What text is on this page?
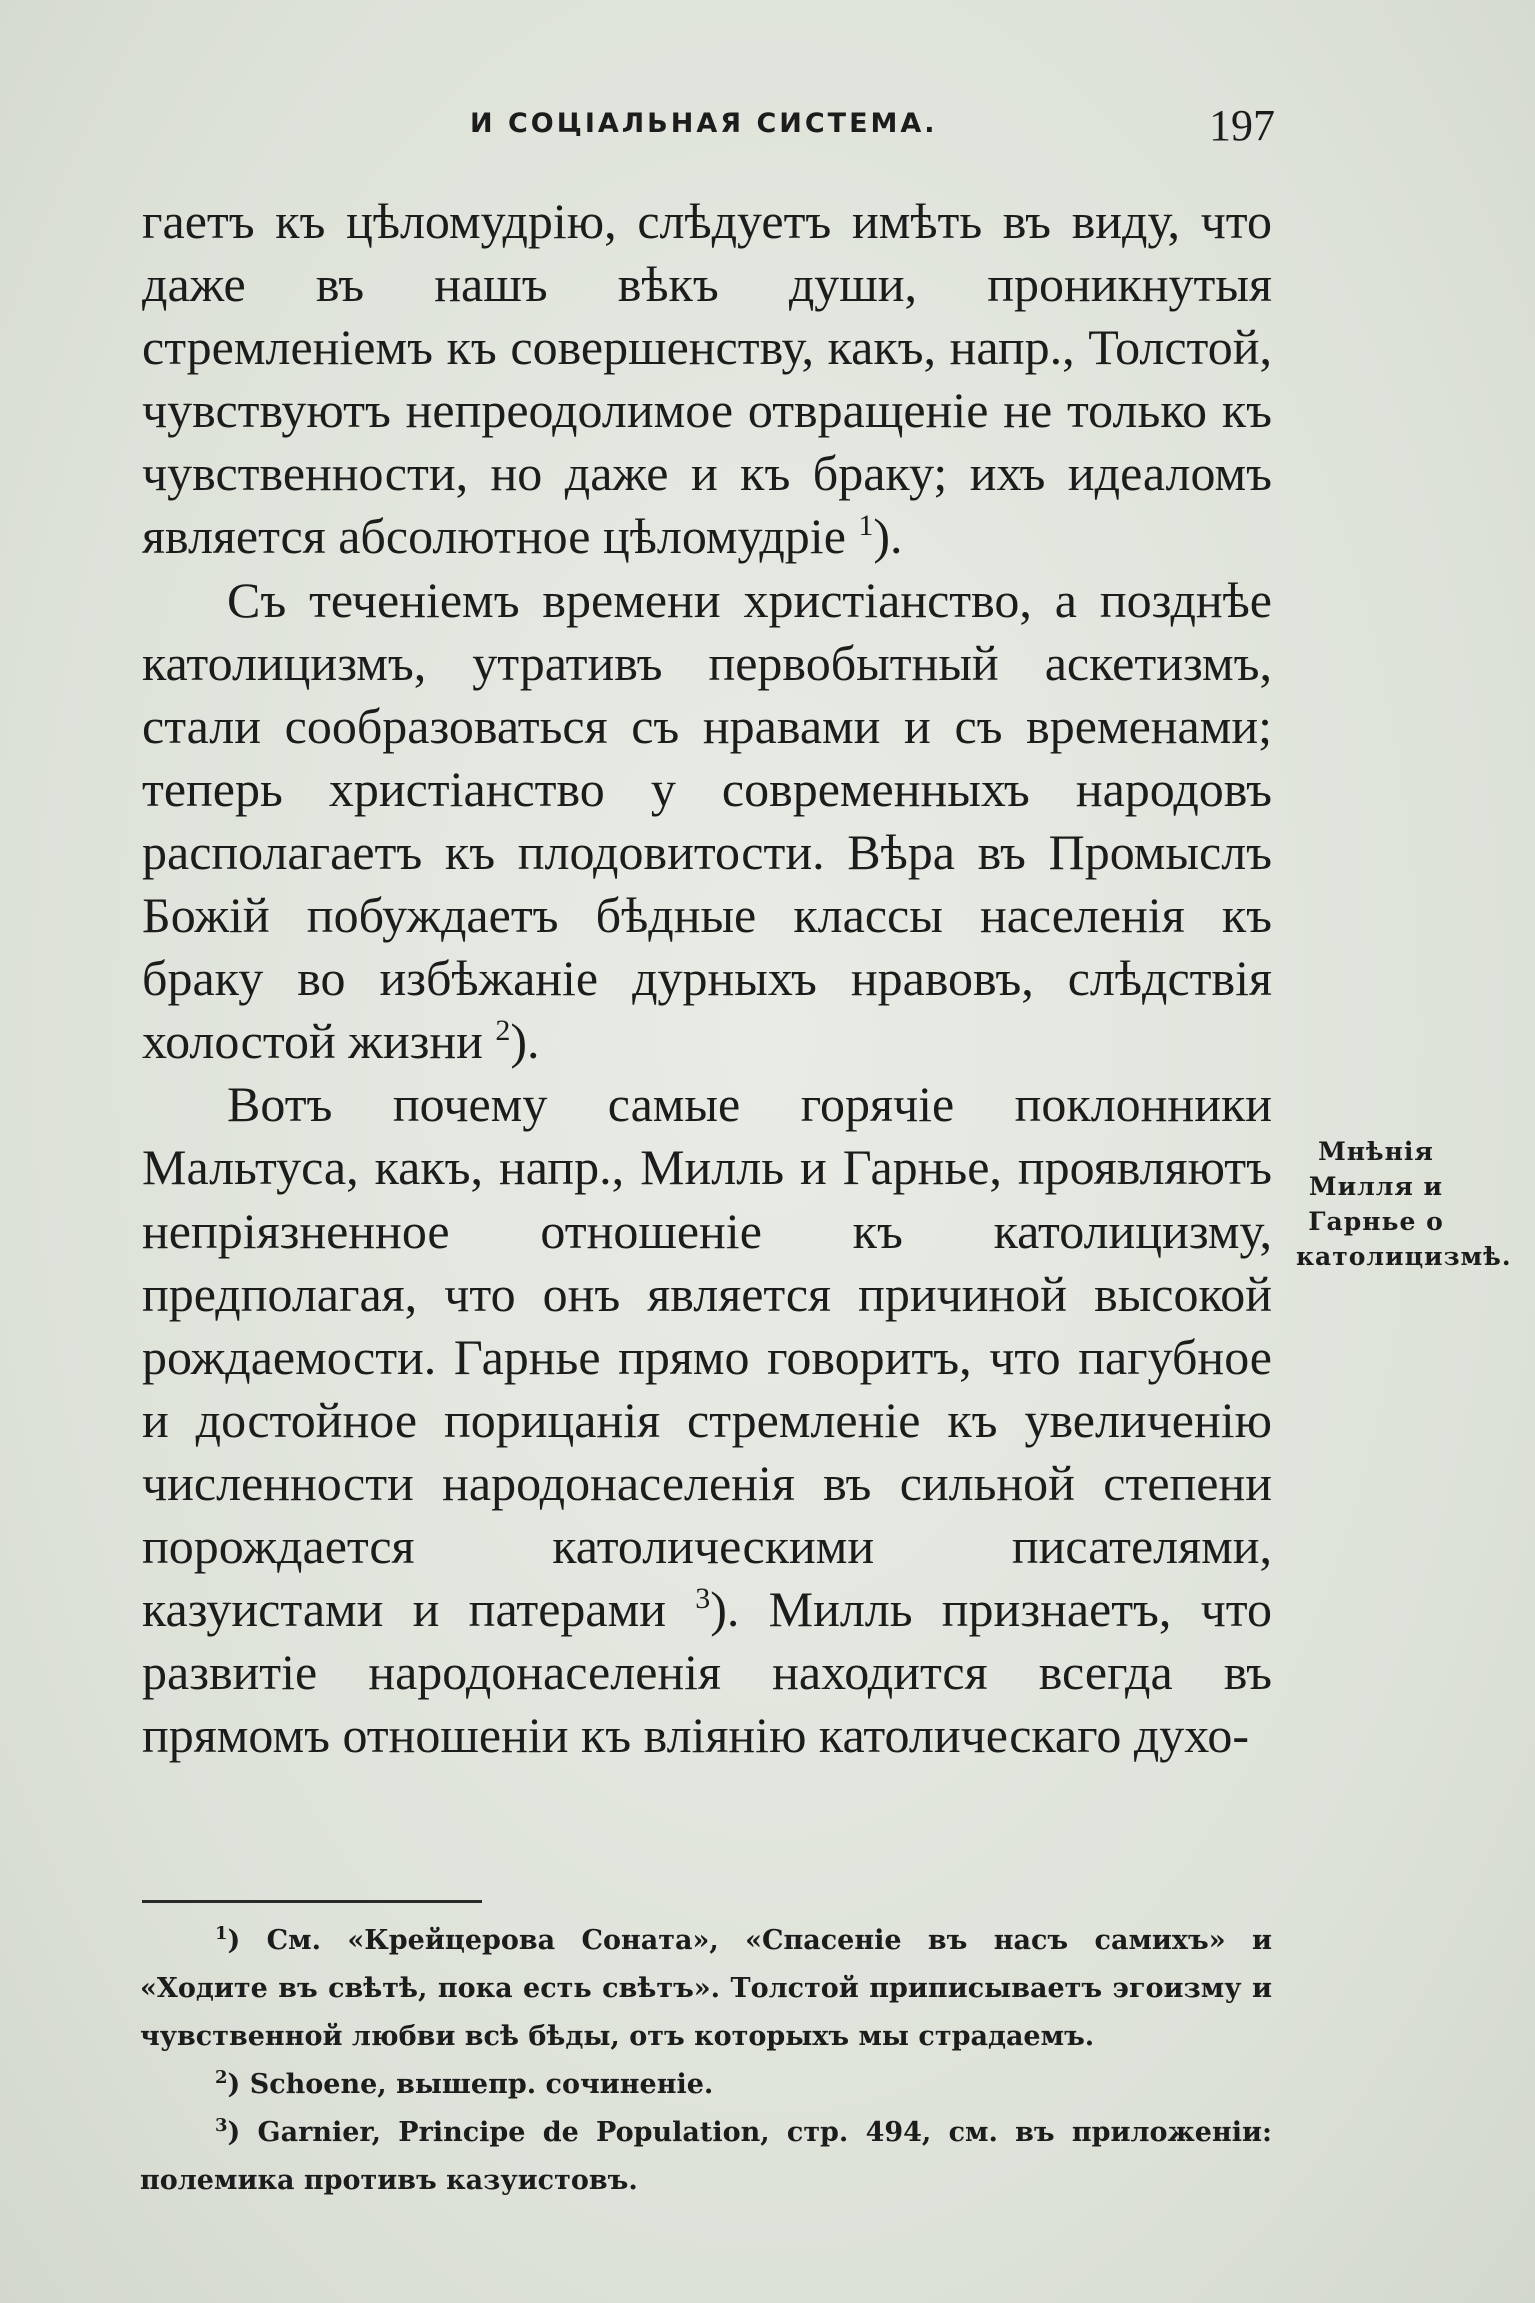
И СОЦІАЛЬНАЯ СИСТЕМА.	197

гаетъ къ цѣломудрію, слѣдуетъ имѣть въ виду, что даже въ нашъ вѣкъ души, проникнутыя стремленіемъ къ совершенству, какъ, напр., Толстой, чувствуютъ непреодолимое отвращеніе не только къ чувственности, но даже и къ браку; ихъ идеаломъ является абсолютное цѣломудріе $^1$).

Съ теченіемъ времени христіанство, а позднѣе католицизмъ, утративъ первобытный аскетизмъ, стали сообразоваться съ нравами и съ временами; теперь христіанство у современныхъ народовъ располагаетъ къ плодовитости. Вѣра въ Промыслъ Божій побуждаетъ бѣдные классы населенія къ браку во избѣжаніе дурныхъ нравовъ, слѣдствія холостой жизни $^2$).

Вотъ почему самые горячіе поклонники Мальтуса, какъ, напр., Милль и Гарнье, проявляютъ непріязненное отношеніе къ католицизму, предполагая, что онъ является причиной высокой рождаемости. Гарнье прямо говоритъ, что пагубное и достойное порицанія стремленіе къ увеличенію численности народонаселенія въ сильной степени порождается католическими писателями, казуистами и патерами $^3$). Милль признаетъ, что развитіе народонаселенія находится всегда въ прямомъ отношеніи къ вліянію католическаго духо-

Мнѣнія Милля и Гарнье о католицизмѣ.

$^1$) См. «Крейцерова Соната», «Спасеніе въ насъ самихъ» и «Ходите въ свѣтѣ, пока есть свѣтъ». Толстой приписываетъ эгоизму и чувственной любви всѣ бѣды, отъ которыхъ мы страдаемъ.

$^2$) Schoene, вышепр. сочиненіе.

$^3$) Garnier, Principe de Population, стр. 494, см. въ приложеніи: полемика противъ казуистовъ.
